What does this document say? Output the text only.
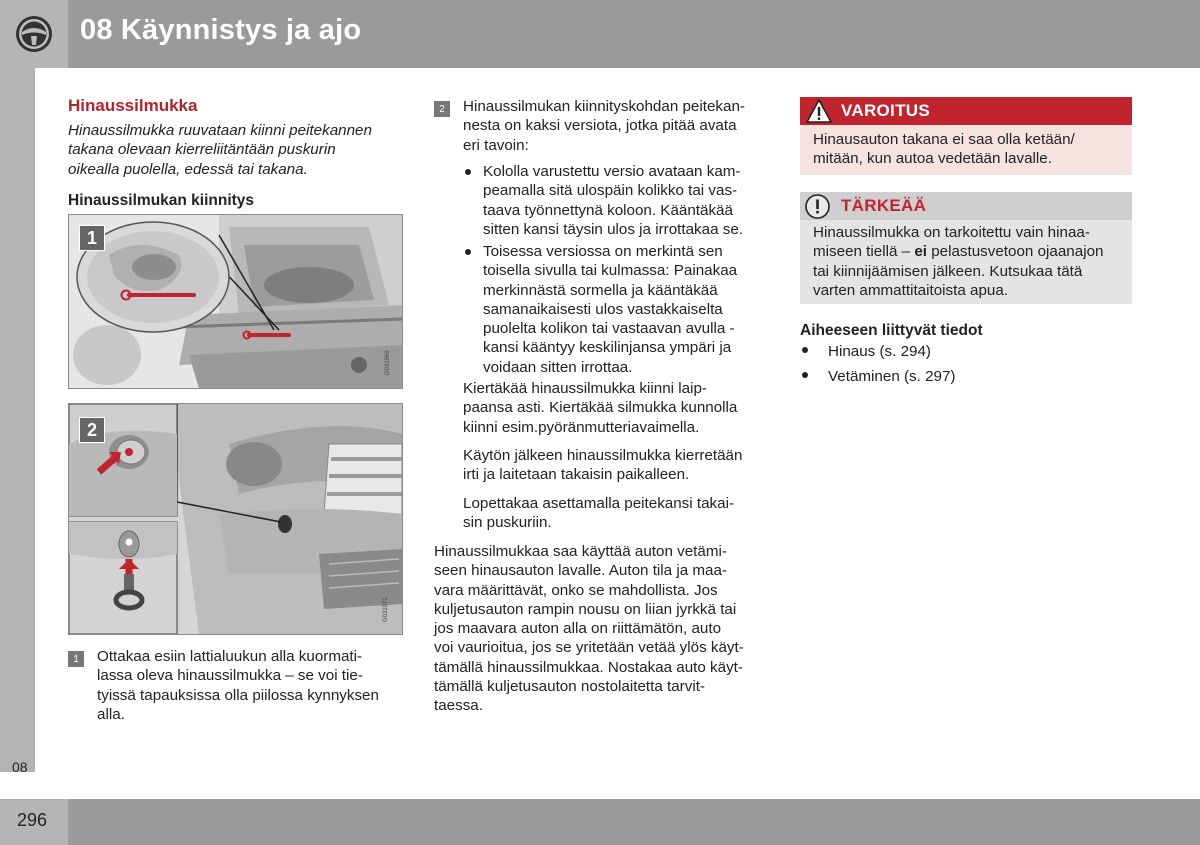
08 Käynnistys ja ajo
08
296
Hinaussilmukka
Hinaussilmukka ruuvataan kiinni peitekannen
takana olevaan kierreliitäntään puskurin
oikealla puolella, edessä tai takana.
Hinaussilmukan kiinnitys
1
G031969
2
G031971
1	Ottakaa esiin lattialuukun alla kuormati-
lassa oleva hinaussilmukka – se voi tie-
tyissä tapauksissa olla piilossa kynnyksen
alla.
2	Hinaussilmukan kiinnityskohdan peitekan-
nesta on kaksi versiota, jotka pitää avata
eri tavoin:
Kololla varustettu versio avataan kam-
peamalla sitä ulospäin kolikko tai vas-
taava työnnettynä koloon. Kääntäkää
sitten kansi täysin ulos ja irrottakaa se.
Toisessa versiossa on merkintä sen
toisella sivulla tai kulmassa: Painakaa
merkinnästä sormella ja kääntäkää
samanaikaisesti ulos vastakkaiselta
puolelta kolikon tai vastaavan avulla -
kansi kääntyy keskilinjansa ympäri ja
voidaan sitten irrottaa.
Kiertäkää hinaussilmukka kiinni laip-
paansa asti. Kiertäkää silmukka kunnolla
kiinni esim.pyöränmutteriavaimella.
Käytön jälkeen hinaussilmukka kierretään
irti ja laitetaan takaisin paikalleen.
Lopettakaa asettamalla peitekansi takai-
sin puskuriin.
Hinaussilmukkaa saa käyttää auton vetämi-
seen hinausauton lavalle. Auton tila ja maa-
vara määrittävät, onko se mahdollista. Jos
kuljetusauton rampin nousu on liian jyrkkä tai
jos maavara auton alla on riittämätön, auto
voi vaurioitua, jos se yritetään vetää ylös käyt-
tämällä hinaussilmukkaa. Nostakaa auto käyt-
tämällä kuljetusauton nostolaitetta tarvit-
taessa.
VAROITUS
Hinausauton takana ei saa olla ketään/
mitään, kun autoa vedetään lavalle.
TÄRKEÄÄ
Hinaussilmukka on tarkoitettu vain hinaa-
miseen tiellä – ei pelastusvetoon ojaanajon
tai kiinnijäämisen jälkeen. Kutsukaa tätä
varten ammattitaitoista apua.
Aiheeseen liittyvät tiedot
Hinaus (s. 294)
Vetäminen (s. 297)
